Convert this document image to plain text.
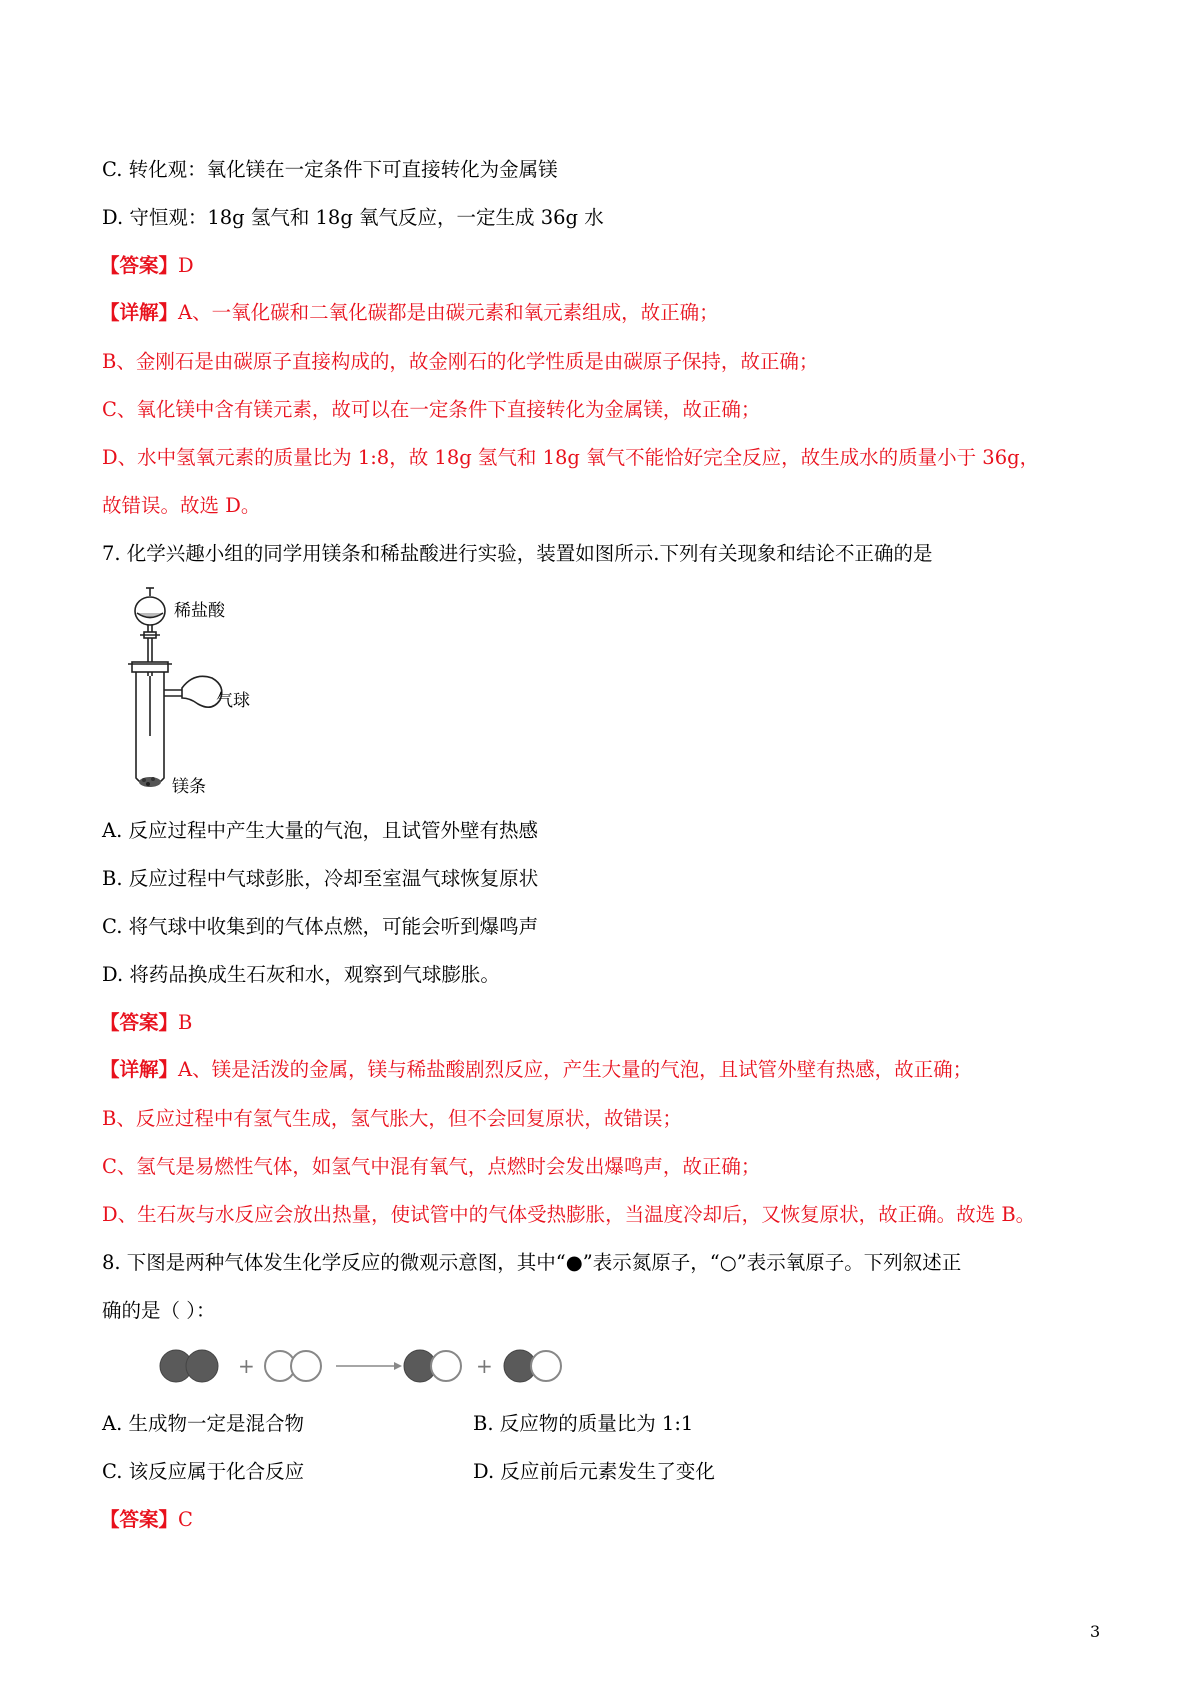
C. 转化观：氧化镁在一定条件下可直接转化为金属镁
D. 守恒观：18g 氢气和 18g 氧气反应，一定生成 36g 水
【答案】D
【详解】A、一氧化碳和二氧化碳都是由碳元素和氧元素组成，故正确；
B、金刚石是由碳原子直接构成的，故金刚石的化学性质是由碳原子保持，故正确；
C、氧化镁中含有镁元素，故可以在一定条件下直接转化为金属镁，故正确；
D、水中氢氧元素的质量比为 1:8，故 18g 氢气和 18g 氧气不能恰好完全反应，故生成水的质量小于 36g，
故错误。故选 D。
7. 化学兴趣小组的同学用镁条和稀盐酸进行实验，装置如图所示.下列有关现象和结论不正确的是
稀盐酸
气球
镁条
A. 反应过程中产生大量的气泡，且试管外壁有热感
B. 反应过程中气球彭胀，冷却至室温气球恢复原状
C. 将气球中收集到的气体点燃，可能会听到爆鸣声
D. 将药品换成生石灰和水，观察到气球膨胀。
【答案】B
【详解】A、镁是活泼的金属，镁与稀盐酸剧烈反应，产生大量的气泡，且试管外壁有热感，故正确；
B、反应过程中有氢气生成，氢气胀大，但不会回复原状，故错误；
C、氢气是易燃性气体，如氢气中混有氧气，点燃时会发出爆鸣声，故正确；
D、生石灰与水反应会放出热量，使试管中的气体受热膨胀，当温度冷却后，又恢复原状，故正确。故选 B。
8. 下图是两种气体发生化学反应的微观示意图，其中“●”表示氮原子，“○”表示氧原子。下列叙述正
确的是（ ）：
+	+
A. 生成物一定是混合物	B. 反应物的质量比为 1:1
C. 该反应属于化合反应	D. 反应前后元素发生了变化
【答案】C
3
